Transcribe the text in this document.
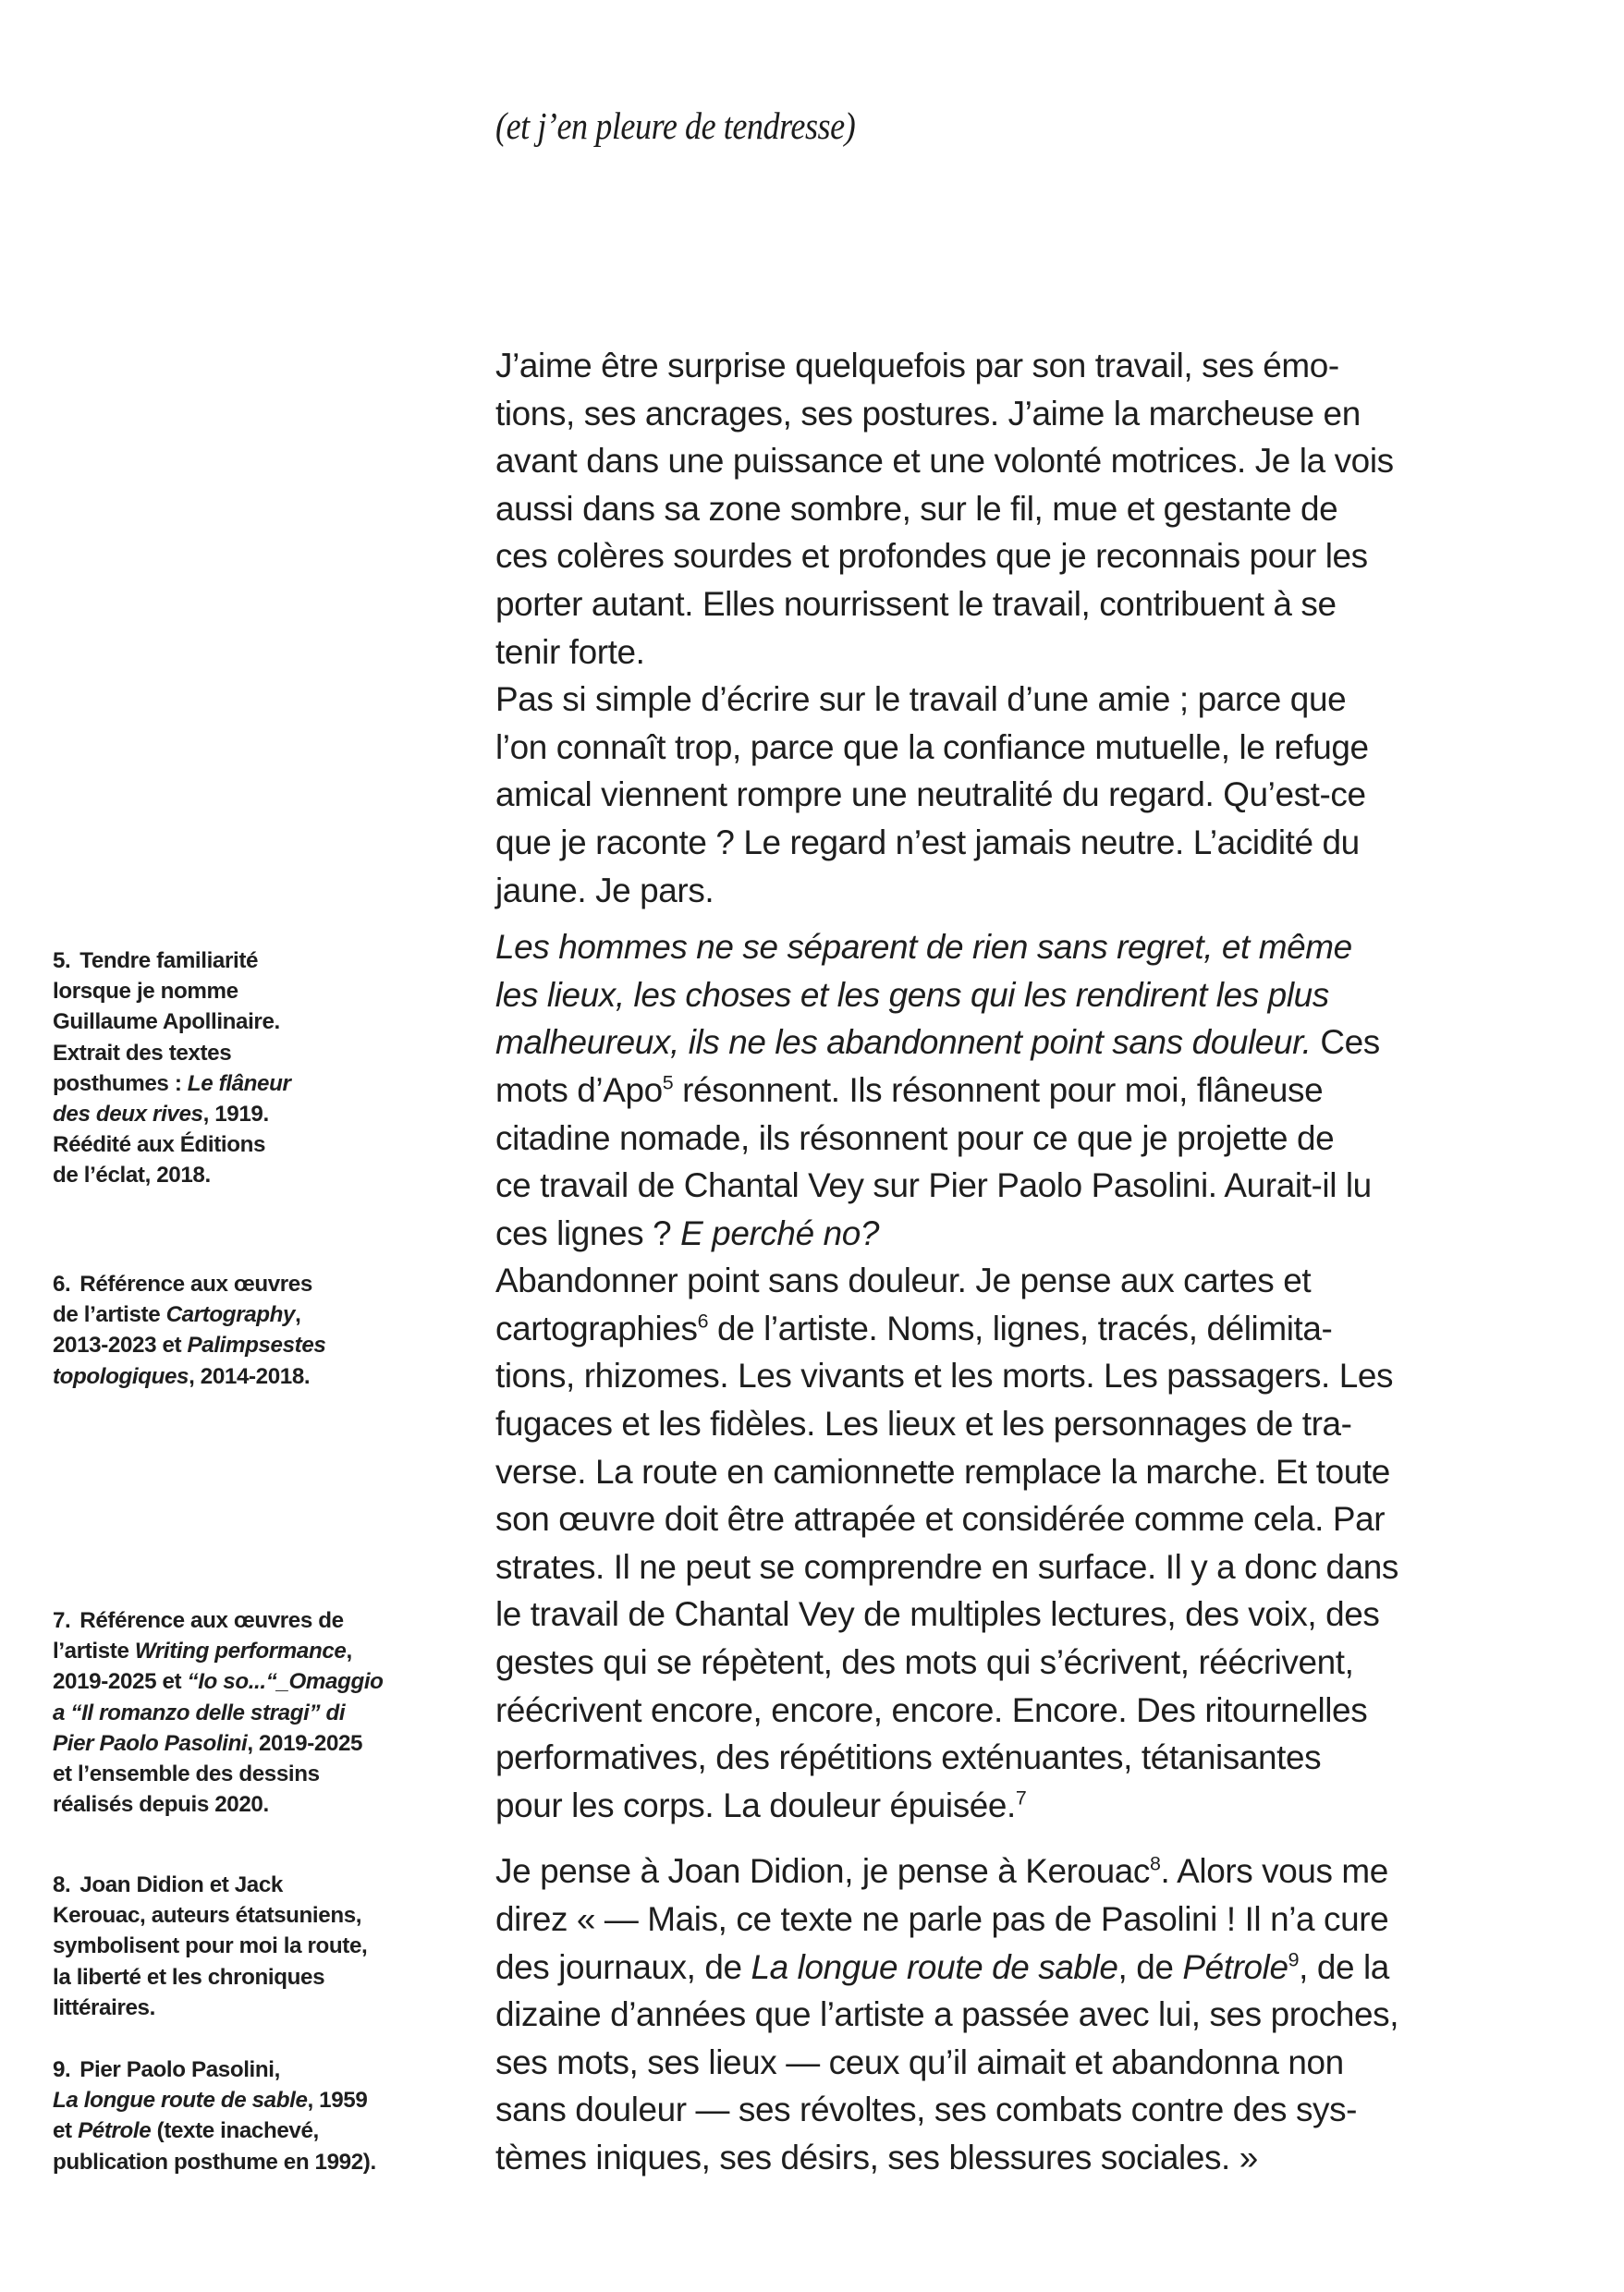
(et j’en pleure de tendresse)
J’aime être surprise quelquefois par son travail, ses émo-
tions, ses ancrages, ses postures. J’aime la marcheuse en
avant dans une puissance et une volonté motrices. Je la vois
aussi dans sa zone sombre, sur le fil, mue et gestante de
ces colères sourdes et profondes que je reconnais pour les
porter autant. Elles nourrissent le travail, contribuent à se
tenir forte.
Pas si simple d’écrire sur le travail d’une amie ; parce que
l’on connaît trop, parce que la confiance mutuelle, le refuge
amical viennent rompre une neutralité du regard. Qu’est-ce
que je raconte ? Le regard n’est jamais neutre. L’acidité du
jaune. Je pars.
Les hommes ne se séparent de rien sans regret, et même
les lieux, les choses et les gens qui les rendirent les plus
malheureux, ils ne les abandonnent point sans douleur. Ces
mots d’Apo$^5$ résonnent. Ils résonnent pour moi, flâneuse
citadine nomade, ils résonnent pour ce que je projette de
ce travail de Chantal Vey sur Pier Paolo Pasolini. Aurait-il lu
ces lignes ? E perché no?
Abandonner point sans douleur. Je pense aux cartes et
cartographies$^6$ de l’artiste. Noms, lignes, tracés, délimita-
tions, rhizomes. Les vivants et les morts. Les passagers. Les
fugaces et les fidèles. Les lieux et les personnages de tra-
verse. La route en camionnette remplace la marche. Et toute
son œuvre doit être attrapée et considérée comme cela. Par
strates. Il ne peut se comprendre en surface. Il y a donc dans
le travail de Chantal Vey de multiples lectures, des voix, des
gestes qui se répètent, des mots qui s’écrivent, réécrivent,
réécrivent encore, encore, encore. Encore. Des ritournelles
performatives, des répétitions exténuantes, tétanisantes
pour les corps. La douleur épuisée.$^7$
Je pense à Joan Didion, je pense à Kerouac$^8$. Alors vous me
direz « — Mais, ce texte ne parle pas de Pasolini ! Il n’a cure
des journaux, de La longue route de sable, de Pétrole$^9$, de la
dizaine d’années que l’artiste a passée avec lui, ses proches,
ses mots, ses lieux — ceux qu’il aimait et abandonna non
sans douleur — ses révoltes, ses combats contre des sys-
tèmes iniques, ses désirs, ses blessures sociales. »
5. Tendre familiarité
lorsque je nomme
Guillaume Apollinaire.
Extrait des textes
posthumes : Le flâneur
des deux rives, 1919.
Réédité aux Éditions
de l’éclat, 2018.
6. Référence aux œuvres
de l’artiste Cartography,
2013-2023 et Palimpsestes
topologiques, 2014-2018.
7. Référence aux œuvres de
l’artiste Writing performance,
2019-2025 et “Io so...“_Omaggio
a “Il romanzo delle stragi” di
Pier Paolo Pasolini, 2019-2025
et l’ensemble des dessins
réalisés depuis 2020.
8. Joan Didion et Jack
Kerouac, auteurs étatsuniens,
symbolisent pour moi la route,
la liberté et les chroniques
littéraires.
9. Pier Paolo Pasolini,
La longue route de sable, 1959
et Pétrole (texte inachevé,
publication posthume en 1992).
